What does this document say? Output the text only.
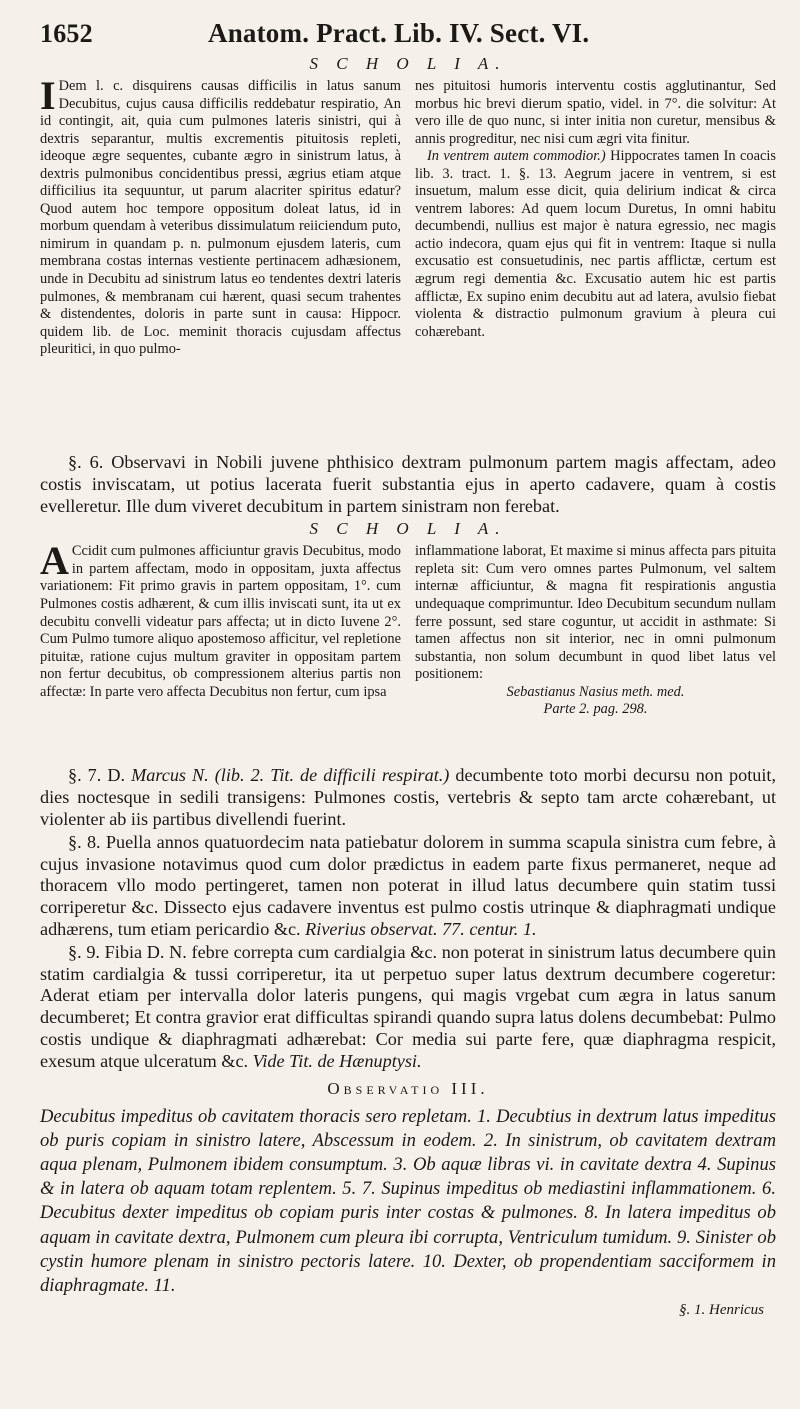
1652	Anatom. Pract. Lib. IV. Sect. VI.
S C H O L I A.

I Dem l. c. disquirens causas difficilis in latus sanum Decubitus, cujus causa difficilis reddebatur respiratio, An id contingit, ait, quia cum pulmones lateris sinistri, qui à dextris separantur, multis excrementis pituitosis repleti, ideoque ægre sequentes, cubante ægro in sinistrum latus, à dextris pulmonibus concidentibus pressi, ægrius etiam atque difficilius ita sequuntur, ut parum alacriter spiritus edatur? Quod autem hoc tempore oppositum doleat latus, id in morbum quendam à veteribus dissimulatum reiiciendum puto, nimirum in quandam p. n. pulmonum ejusdem lateris, cum membrana costas internas vestiente pertinacem adhæsionem, unde in Decubitu ad sinistrum latus eo tendentes dextri lateris pulmones, & membranam cui hærent, quasi secum trahentes & distendentes, doloris in parte sunt in causa: Hippocr. quidem lib. de Loc. meminit thoracis cujusdam affectus pleuritici, in quo pulmo-

nes pituitosi humoris interventu costis agglutinantur, Sed morbus hic brevi dierum spatio, videl. in 7°. die solvitur: At vero ille de quo nunc, si inter initia non curetur, mensibus & annis progreditur, nec nisi cum ægri vita finitur.

In ventrem autem commodior.) Hippocrates tamen In coacis lib. 3. tract. 1. §. 13. Aegrum jacere in ventrem, si est insuetum, malum esse dicit, quia delirium indicat & circa ventrem labores: Ad quem locum Duretus, In omni habitu decumbendi, nullius est major è natura egressio, nec magis actio indecora, quam ejus qui fit in ventrem: Itaque si nulla excusatio est consuetudinis, nec partis afflictæ, certum est ægrum regi dementia &c. Excusatio autem hic est partis afflictæ, Ex supino enim decubitu aut ad latera, avulsio fiebat violenta & distractio pulmonum gravium à pleura cui cohærebant.

§. 6. Observavi in Nobili juvene phthisico dextram pulmonum partem magis affectam, adeo costis inviscatam, ut potius lacerata fuerit substantia ejus in aperto cadavere, quam à costis evelleretur. Ille dum viveret decubitum in partem sinistram non ferebat.

S C H O L I A.

A Ccidit cum pulmones afficiuntur gravis Decubitus, modo in partem affectam, modo in oppositam, juxta affectus variationem: Fit primo gravis in partem oppositam, 1°. cum Pulmones costis adhærent, & cum illis inviscati sunt, ita ut ex decubitu convelli videatur pars affecta; ut in dicto Iuvene 2°. Cum Pulmo tumore aliquo apostemoso afficitur, vel repletione pituitæ, ratione cujus multum graviter in oppositam partem non fertur decubitus, ob compressionem alterius partis non affectæ: In parte vero affecta Decubitus non fertur, cum ipsa

inflammatione laborat, Et maxime si minus affecta pars pituita repleta sit: Cum vero omnes partes Pulmonum, vel saltem internæ afficiuntur, & magna fit respirationis angustia undequaque comprimuntur. Ideo Decubitum secundum nullam ferre possunt, sed stare coguntur, ut accidit in asthmate: Si tamen affectus non sit interior, nec in omni pulmonum substantia, non solum decumbunt in quod libet latus vel positionem:

Sebastianus Nasius meth. med.

Parte 2. pag. 298.

§. 7. D. Marcus N. (lib. 2. Tit. de difficili respirat.) decumbente toto morbi decursu non potuit, dies noctesque in sedili transigens: Pulmones costis, vertebris & septo tam arcte cohærebant, ut violenter ab iis partibus divellendi fuerint.

§. 8. Puella annos quatuordecim nata patiebatur dolorem in summa scapula sinistra cum febre, à cujus invasione notavimus quod cum dolor prædictus in eadem parte fixus permaneret, neque ad thoracem vllo modo pertingeret, tamen non poterat in illud latus decumbere quin statim tussi corriperetur &c. Dissecto ejus cadavere inventus est pulmo costis utrinque & diaphragmati undique adhærens, tum etiam pericardio &c. Riverius observat. 77. centur. 1.

§. 9. Fibia D. N. febre correpta cum cardialgia &c. non poterat in sinistrum latus decumbere quin statim cardialgia & tussi corriperetur, ita ut perpetuo super latus dextrum decumbere cogeretur: Aderat etiam per intervalla dolor lateris pungens, qui magis vrgebat cum ægra in latus sanum decumberet; Et contra gravior erat difficultas spirandi quando supra latus dolens decumbebat: Pulmo costis undique & diaphragmati adhærebat: Cor media sui parte fere, quæ diaphragma respicit, exesum atque ulceratum &c. Vide Tit. de Hænuptysi.

Observatio III.

Decubitus impeditus ob cavitatem thoracis sero repletam. 1. Decubtius in dextrum latus impeditus ob puris copiam in sinistro latere, Abscessum in eodem. 2. In sinistrum, ob cavitatem dextram aqua plenam, Pulmonem ibidem consumptum. 3. Ob aquæ libras vi. in cavitate dextra 4. Supinus & in latera ob aquam totam replentem. 5. 7. Supinus impeditus ob mediastini inflammationem. 6. Decubitus dexter impeditus ob copiam puris inter costas & pulmones. 8. In latera impeditus ob aquam in cavitate dextra, Pulmonem cum pleura ibi corrupta, Ventriculum tumidum. 9. Sinister ob cystin humore plenam in sinistro pectoris latere. 10. Dexter, ob propendentiam sacciformem in diaphragmate. 11.

§. 1. Henricus
